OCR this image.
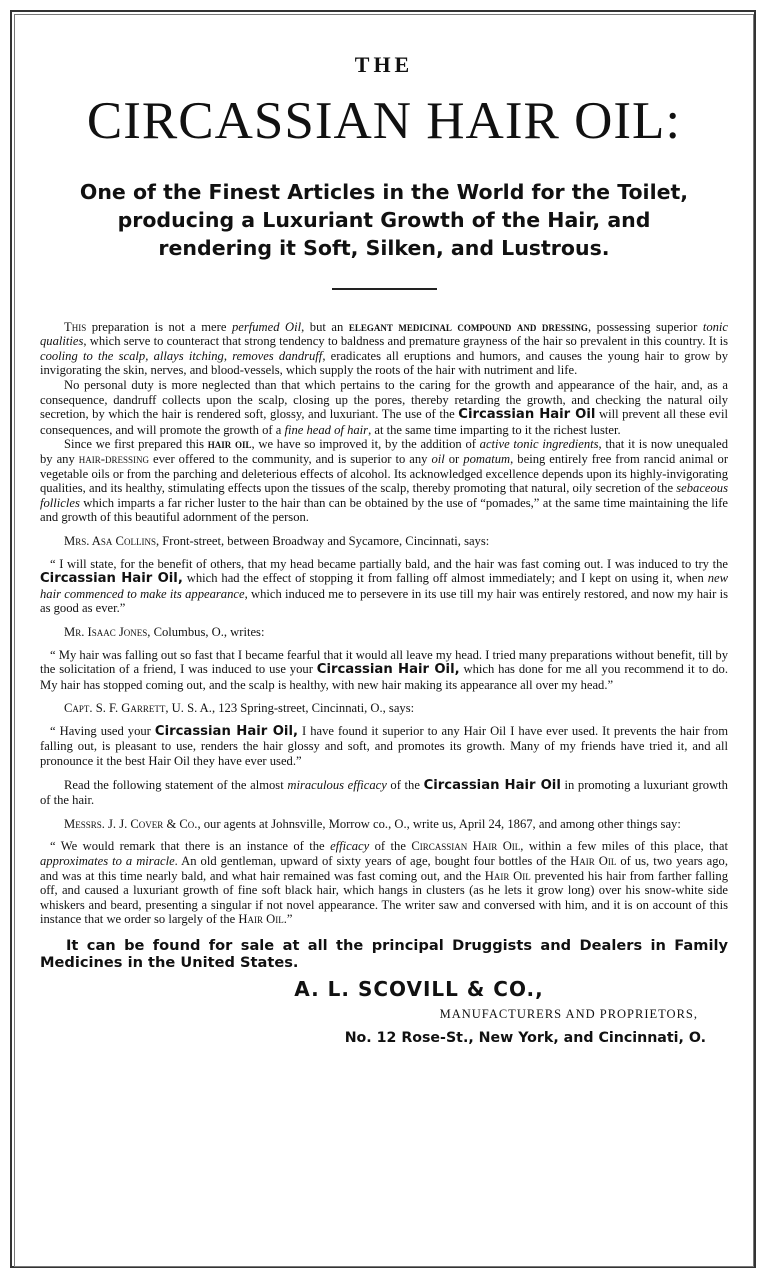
THE
CIRCASSIAN HAIR OIL:
One of the Finest Articles in the World for the Toilet,
producing a Luxuriant Growth of the Hair, and
rendering it Soft, Silken, and Lustrous.

This preparation is not a mere perfumed Oil, but an elegant medicinal compound and dressing, possessing superior tonic qualities, which serve to counteract that strong tendency to baldness and premature grayness of the hair so prevalent in this country. It is cooling to the scalp, allays itching, removes dandruff, eradicates all eruptions and humors, and causes the young hair to grow by invigorating the skin, nerves, and blood-vessels, which supply the roots of the hair with nutriment and life.

No personal duty is more neglected than that which pertains to the caring for the growth and appearance of the hair, and, as a consequence, dandruff collects upon the scalp, closing up the pores, thereby retarding the growth, and checking the natural oily secretion, by which the hair is rendered soft, glossy, and luxuriant. The use of the Circassian Hair Oil will prevent all these evil consequences, and will promote the growth of a fine head of hair, at the same time imparting to it the richest luster.

Since we first prepared this hair oil, we have so improved it, by the addition of active tonic ingredients, that it is now unequaled by any hair-dressing ever offered to the community, and is superior to any oil or pomatum, being entirely free from rancid animal or vegetable oils or from the parching and deleterious effects of alcohol. Its acknowledged excellence depends upon its highly-invigorating qualities, and its healthy, stimulating effects upon the tissues of the scalp, thereby promoting that natural, oily secretion of the sebaceous follicles which imparts a far richer luster to the hair than can be obtained by the use of “pomades,” at the same time maintaining the life and growth of this beautiful adornment of the person.

Mrs. Asa Collins, Front-street, between Broadway and Sycamore, Cincinnati, says:

“ I will state, for the benefit of others, that my head became partially bald, and the hair was fast coming out. I was induced to try the Circassian Hair Oil, which had the effect of stopping it from falling off almost immediately; and I kept on using it, when new hair commenced to make its appearance, which induced me to persevere in its use till my hair was entirely restored, and now my hair is as good as ever.”

Mr. Isaac Jones, Columbus, O., writes:

“ My hair was falling out so fast that I became fearful that it would all leave my head. I tried many preparations without benefit, till by the solicitation of a friend, I was induced to use your Circassian Hair Oil, which has done for me all you recommend it to do. My hair has stopped coming out, and the scalp is healthy, with new hair making its appearance all over my head.”

Capt. S. F. Garrett, U. S. A., 123 Spring-street, Cincinnati, O., says:

“ Having used your Circassian Hair Oil, I have found it superior to any Hair Oil I have ever used. It prevents the hair from falling out, is pleasant to use, renders the hair glossy and soft, and promotes its growth. Many of my friends have tried it, and all pronounce it the best Hair Oil they have ever used.”

Read the following statement of the almost miraculous efficacy of the Circassian Hair Oil in promoting a luxuriant growth of the hair.

Messrs. J. J. Cover & Co., our agents at Johnsville, Morrow co., O., write us, April 24, 1867, and among other things say:

“ We would remark that there is an instance of the efficacy of the Circassian Hair Oil, within a few miles of this place, that approximates to a miracle. An old gentleman, upward of sixty years of age, bought four bottles of the Hair Oil of us, two years ago, and was at this time nearly bald, and what hair remained was fast coming out, and the Hair Oil prevented his hair from farther falling off, and caused a luxuriant growth of fine soft black hair, which hangs in clusters (as he lets it grow long) over his snow-white side whiskers and beard, presenting a singular if not novel appearance. The writer saw and conversed with him, and it is on account of this instance that we order so largely of the Hair Oil.”

It can be found for sale at all the principal Druggists and Dealers in Family Medicines in the United States.
A. L. SCOVILL & CO.,
MANUFACTURERS AND PROPRIETORS,
No. 12 Rose-St., New York, and Cincinnati, O.
